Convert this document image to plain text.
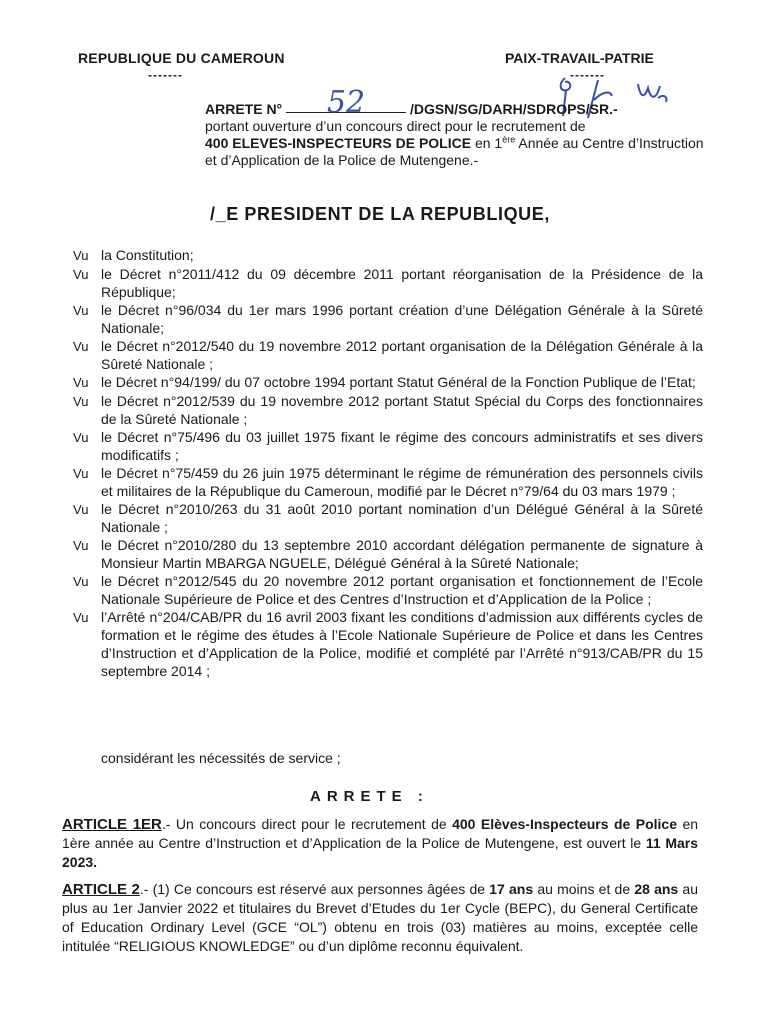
REPUBLIQUE DU CAMEROUN
-------
PAIX-TRAVAIL-PATRIE
-------
ARRETE N° 52	/DGSN/SG/DARH/SDROPS/SR.-
portant ouverture d’un concours direct pour le recrutement de
400 ELEVES-INSPECTEURS DE POLICE en 1ère Année au Centre d’Instruction et d’Application de la Police de Mutengene.-
/_E PRESIDENT DE LA REPUBLIQUE,
Vu la Constitution;
Vu le Décret n°2011/412 du 09 décembre 2011 portant réorganisation de la Présidence de la République;
Vu le Décret n°96/034 du 1er mars 1996 portant création d’une Délégation Générale à la Sûreté Nationale;
Vu le Décret n°2012/540 du 19 novembre 2012 portant organisation de la Délégation Générale à la Sûreté Nationale ;
Vu le Décret n°94/199/ du 07 octobre 1994 portant Statut Général de la Fonction Publique de l’Etat;
Vu le Décret n°2012/539 du 19 novembre 2012 portant Statut Spécial du Corps des fonctionnaires de la Sûreté Nationale ;
Vu le Décret n°75/496 du 03 juillet 1975 fixant le régime des concours administratifs et ses divers modificatifs ;
Vu le Décret n°75/459 du 26 juin 1975 déterminant le régime de rémunération des personnels civils et militaires de la République du Cameroun, modifié par le Décret n°79/64 du 03 mars 1979 ;
Vu le Décret n°2010/263 du 31 août 2010 portant nomination d’un Délégué Général à la Sûreté Nationale ;
Vu le Décret n°2010/280 du 13 septembre 2010 accordant délégation permanente de signature à Monsieur Martin MBARGA NGUELE, Délégué Général à la Sûreté Nationale;
Vu le Décret n°2012/545 du 20 novembre 2012 portant organisation et fonctionnement de l’Ecole Nationale Supérieure de Police et des Centres d’Instruction et d’Application de la Police ;
Vu l’Arrêté n°204/CAB/PR du 16 avril 2003 fixant les conditions d’admission aux différents cycles de formation et le régime des études à l’Ecole Nationale Supérieure de Police et dans les Centres d’Instruction et d’Application de la Police, modifié et complété par l’Arrêté n°913/CAB/PR du 15 septembre 2014 ;
considérant les nécessités de service ;
ARRETE :
ARTICLE 1ER.- Un concours direct pour le recrutement de 400 Elèves-Inspecteurs de Police en 1ère année au Centre d’Instruction et d’Application de la Police de Mutengene, est ouvert le 11 Mars 2023.
ARTICLE 2.- (1) Ce concours est réservé aux personnes âgées de 17 ans au moins et de 28 ans au plus au 1er Janvier 2022 et titulaires du Brevet d’Etudes du 1er Cycle (BEPC), du General Certificate of Education Ordinary Level (GCE “OL”) obtenu en trois (03) matières au moins, exceptée celle intitulée “RELIGIOUS KNOWLEDGE” ou d’un diplôme reconnu équivalent.
